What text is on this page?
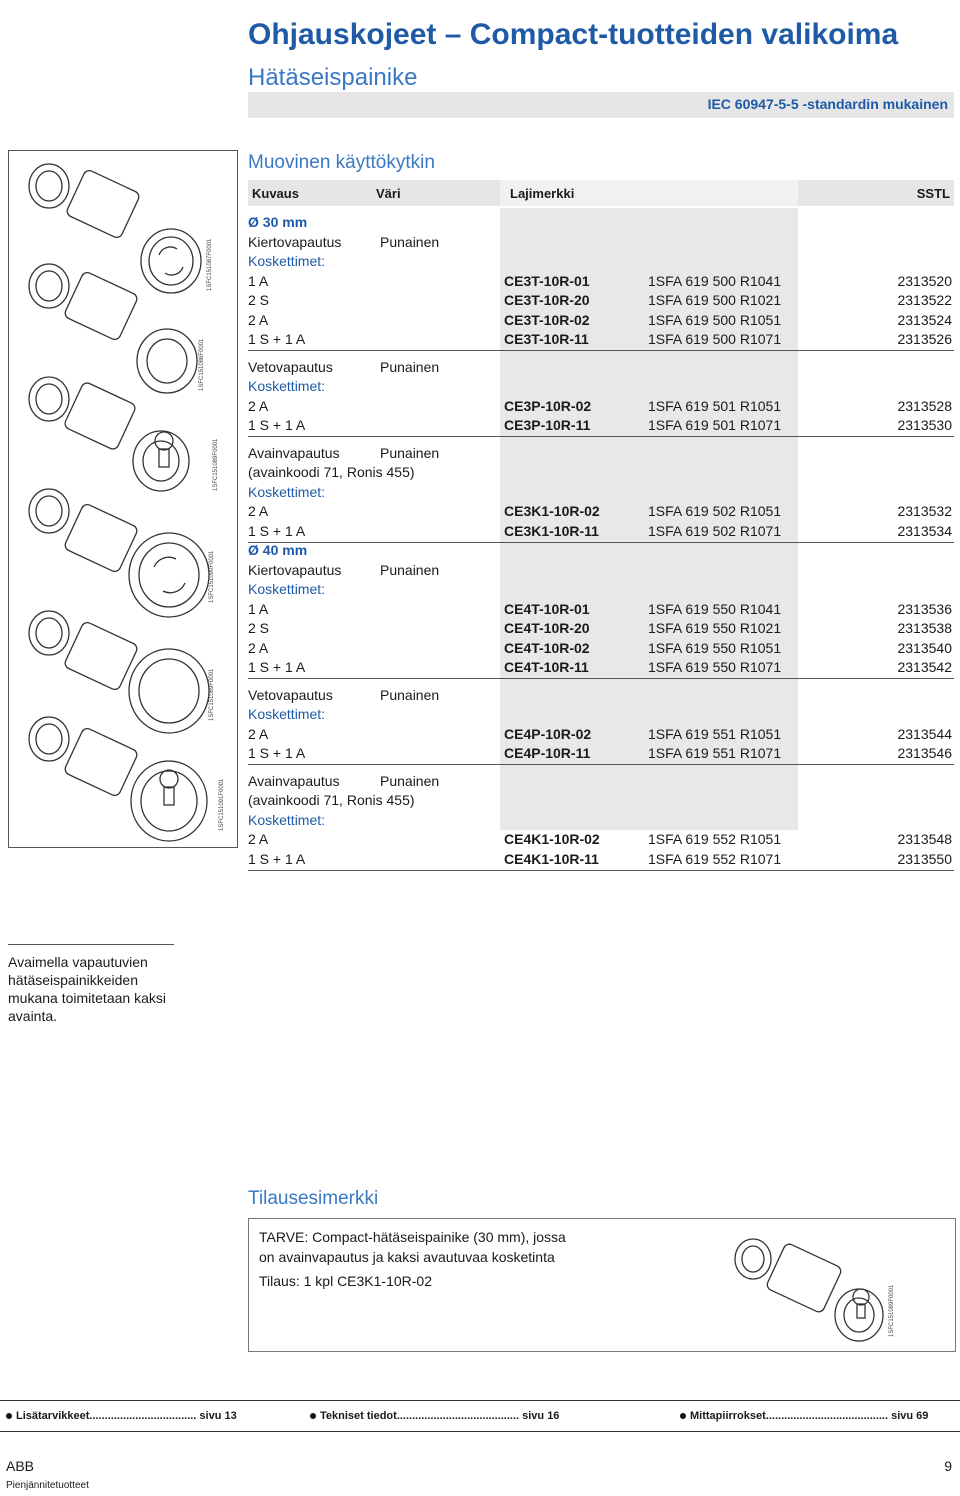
Ohjauskojeet – Compact-tuotteiden valikoima
Hätäseispainike
IEC 60947-5-5 -standardin mukainen
1SFC151087F0001
1SFC151086F0001
1SFC151089F0001
1SFC151090F0001
1SFC151089F0001
1SFC151091F0001
Muovinen käyttökytkin
Kuvaus	Väri	Lajimerkki	SSTL
Ø 30 mm
Kiertovapautus	Punainen
Koskettimet:
1 A	CE3T-10R-01	1SFA 619 500 R1041	2313520
2 S	CE3T-10R-20	1SFA 619 500 R1021	2313522
2 A	CE3T-10R-02	1SFA 619 500 R1051	2313524
1 S + 1 A	CE3T-10R-11	1SFA 619 500 R1071	2313526
Vetovapautus	Punainen
Koskettimet:
2 A	CE3P-10R-02	1SFA 619 501 R1051	2313528
1 S + 1 A	CE3P-10R-11	1SFA 619 501 R1071	2313530
Avainvapautus	Punainen
(avainkoodi 71, Ronis 455)
Koskettimet:
2 A	CE3K1-10R-02	1SFA 619 502 R1051	2313532
1 S + 1 A	CE3K1-10R-11	1SFA 619 502 R1071	2313534
Ø 40 mm
Kiertovapautus	Punainen
Koskettimet:
1 A	CE4T-10R-01	1SFA 619 550 R1041	2313536
2 S	CE4T-10R-20	1SFA 619 550 R1021	2313538
2 A	CE4T-10R-02	1SFA 619 550 R1051	2313540
1 S + 1 A	CE4T-10R-11	1SFA 619 550 R1071	2313542
Vetovapautus	Punainen
Koskettimet:
2 A	CE4P-10R-02	1SFA 619 551 R1051	2313544
1 S + 1 A	CE4P-10R-11	1SFA 619 551 R1071	2313546
Avainvapautus	Punainen
(avainkoodi 71, Ronis 455)
Koskettimet:
2 A	CE4K1-10R-02	1SFA 619 552 R1051	2313548
1 S + 1 A	CE4K1-10R-11	1SFA 619 552 R1071	2313550
Avaimella vapautuvien hätäseispainikkeiden mukana toimitetaan kaksi avainta.
Tilausesimerkki
TARVE: Compact-hätäseispainike (30 mm), jossa
on avainvapautus ja kaksi avautuvaa kosketinta
Tilaus: 1 kpl CE3K1-10R-02
1SFC151089F0001
Lisätarvikkeet................................... sivu 13	Tekniset tiedot........................................ sivu 16	Mittapiirrokset........................................ sivu 69
ABB
Pienjännitetuotteet
9
